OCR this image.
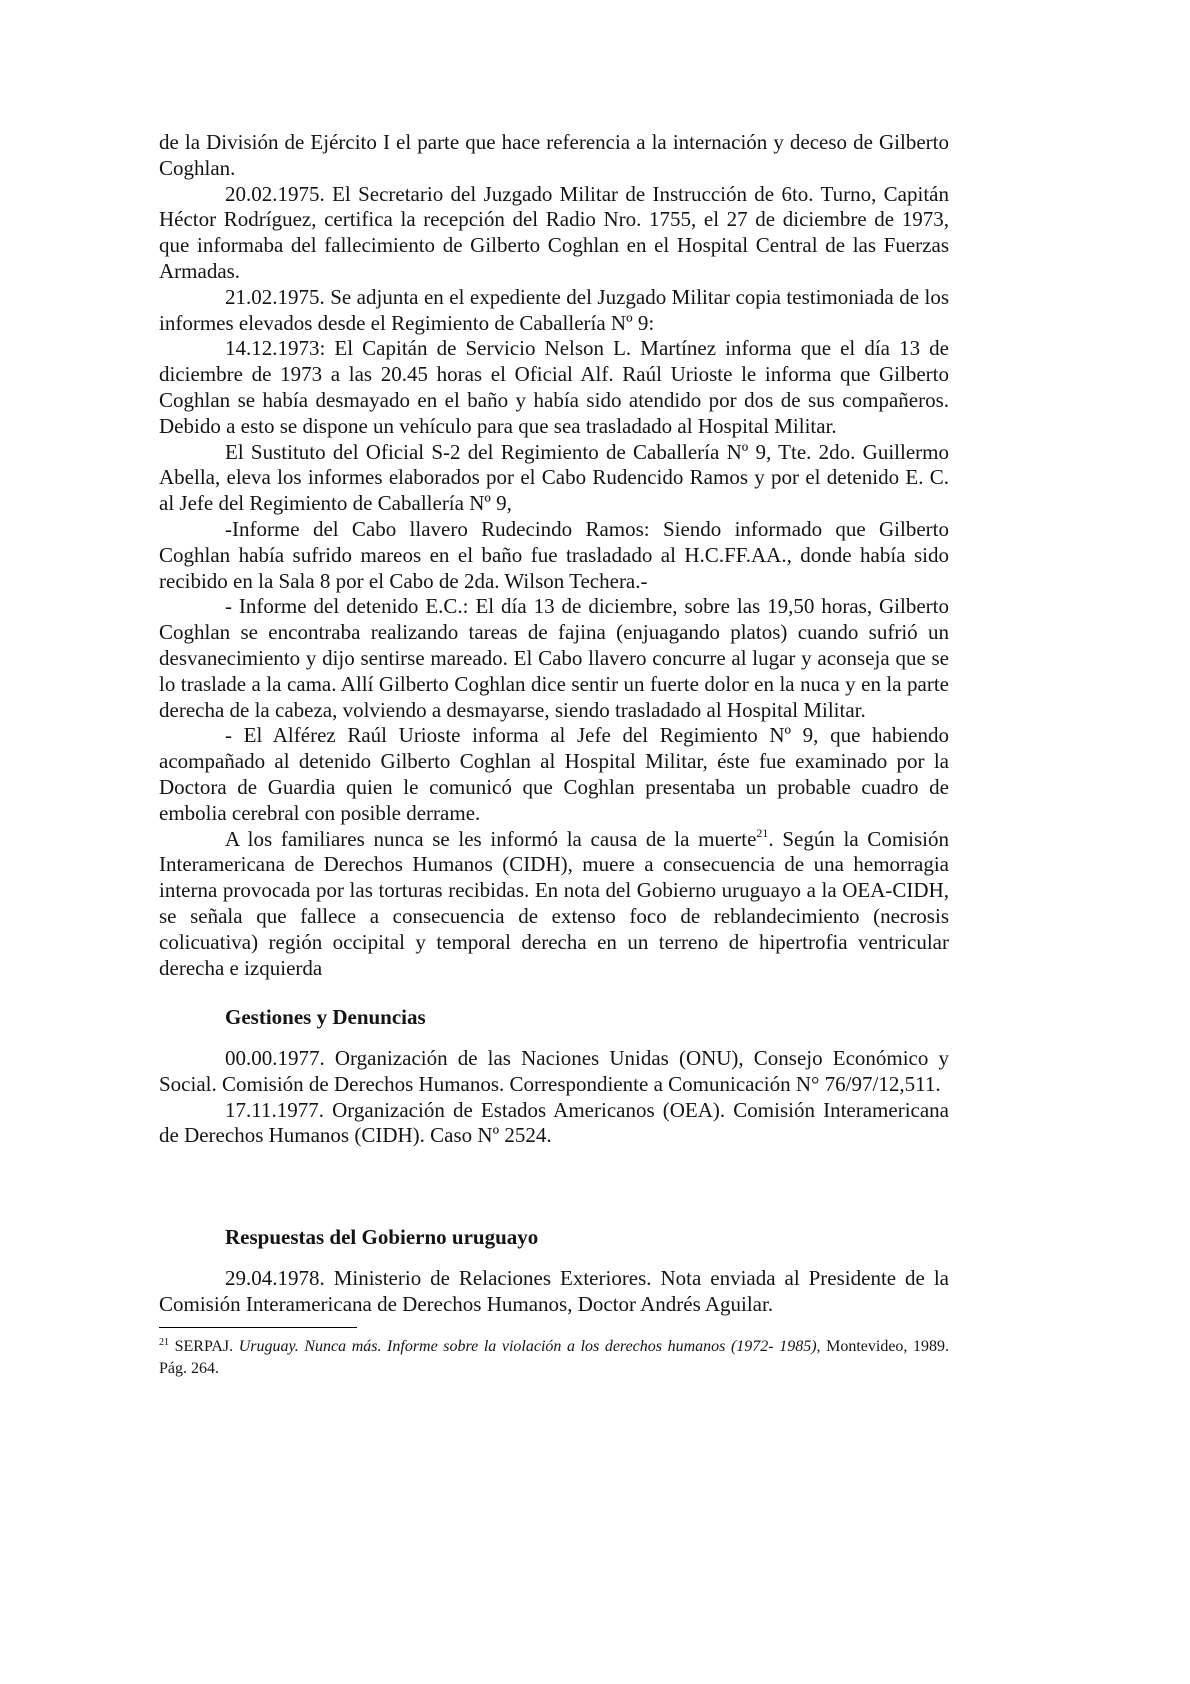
de la División de Ejército I el parte que hace referencia a la internación y deceso de Gilberto Coghlan.

20.02.1975. El Secretario del Juzgado Militar de Instrucción de 6to. Turno, Capitán Héctor Rodríguez, certifica la recepción del Radio Nro. 1755, el 27 de diciembre de 1973, que informaba del fallecimiento de Gilberto Coghlan en el Hospital Central de las Fuerzas Armadas.

21.02.1975. Se adjunta en el expediente del Juzgado Militar copia testimoniada de los informes elevados desde el Regimiento de Caballería Nº 9:

14.12.1973: El Capitán de Servicio Nelson L. Martínez informa que el día 13 de diciembre de 1973 a las 20.45 horas el Oficial Alf. Raúl Urioste le informa que Gilberto Coghlan se había desmayado en el baño y había sido atendido por dos de sus compañeros. Debido a esto se dispone un vehículo para que sea trasladado al Hospital Militar.

El Sustituto del Oficial S-2 del Regimiento de Caballería Nº 9, Tte. 2do. Guillermo Abella, eleva los informes elaborados por el Cabo Rudencido Ramos y por el detenido E. C. al Jefe del Regimiento de Caballería Nº 9,

-Informe del Cabo llavero Rudecindo Ramos: Siendo informado que Gilberto Coghlan había sufrido mareos en el baño fue trasladado al H.C.FF.AA., donde había sido recibido en la Sala 8 por el Cabo de 2da. Wilson Techera.-

- Informe del detenido E.C.: El día 13 de diciembre, sobre las 19,50 horas, Gilberto Coghlan se encontraba realizando tareas de fajina (enjuagando platos) cuando sufrió un desvanecimiento y dijo sentirse mareado. El Cabo llavero concurre al lugar y aconseja que se lo traslade a la cama. Allí Gilberto Coghlan dice sentir un fuerte dolor en la nuca y en la parte derecha de la cabeza, volviendo a desmayarse, siendo trasladado al Hospital Militar.

- El Alférez Raúl Urioste informa al Jefe del Regimiento Nº 9, que habiendo acompañado al detenido Gilberto Coghlan al Hospital Militar, éste fue examinado por la Doctora de Guardia quien le comunicó que Coghlan presentaba un probable cuadro de embolia cerebral con posible derrame.

A los familiares nunca se les informó la causa de la muerte$^{21}$. Según la Comisión Interamericana de Derechos Humanos (CIDH), muere a consecuencia de una hemorragia interna provocada por las torturas recibidas. En nota del Gobierno uruguayo a la OEA-CIDH, se señala que fallece a consecuencia de extenso foco de reblandecimiento (necrosis colicuativa) región occipital y temporal derecha en un terreno de hipertrofia ventricular derecha e izquierda

Gestiones y Denuncias

00.00.1977. Organización de las Naciones Unidas (ONU), Consejo Económico y Social. Comisión de Derechos Humanos. Correspondiente a Comunicación N° 76/97/12,511.

17.11.1977. Organización de Estados Americanos (OEA). Comisión Interamericana de Derechos Humanos (CIDH). Caso Nº 2524.

Respuestas del Gobierno uruguayo

29.04.1978. Ministerio de Relaciones Exteriores. Nota enviada al Presidente de la Comisión Interamericana de Derechos Humanos, Doctor Andrés Aguilar.

$^{21}$ SERPAJ. Uruguay. Nunca más. Informe sobre la violación a los derechos humanos (1972- 1985), Montevideo, 1989. Pág. 264.
